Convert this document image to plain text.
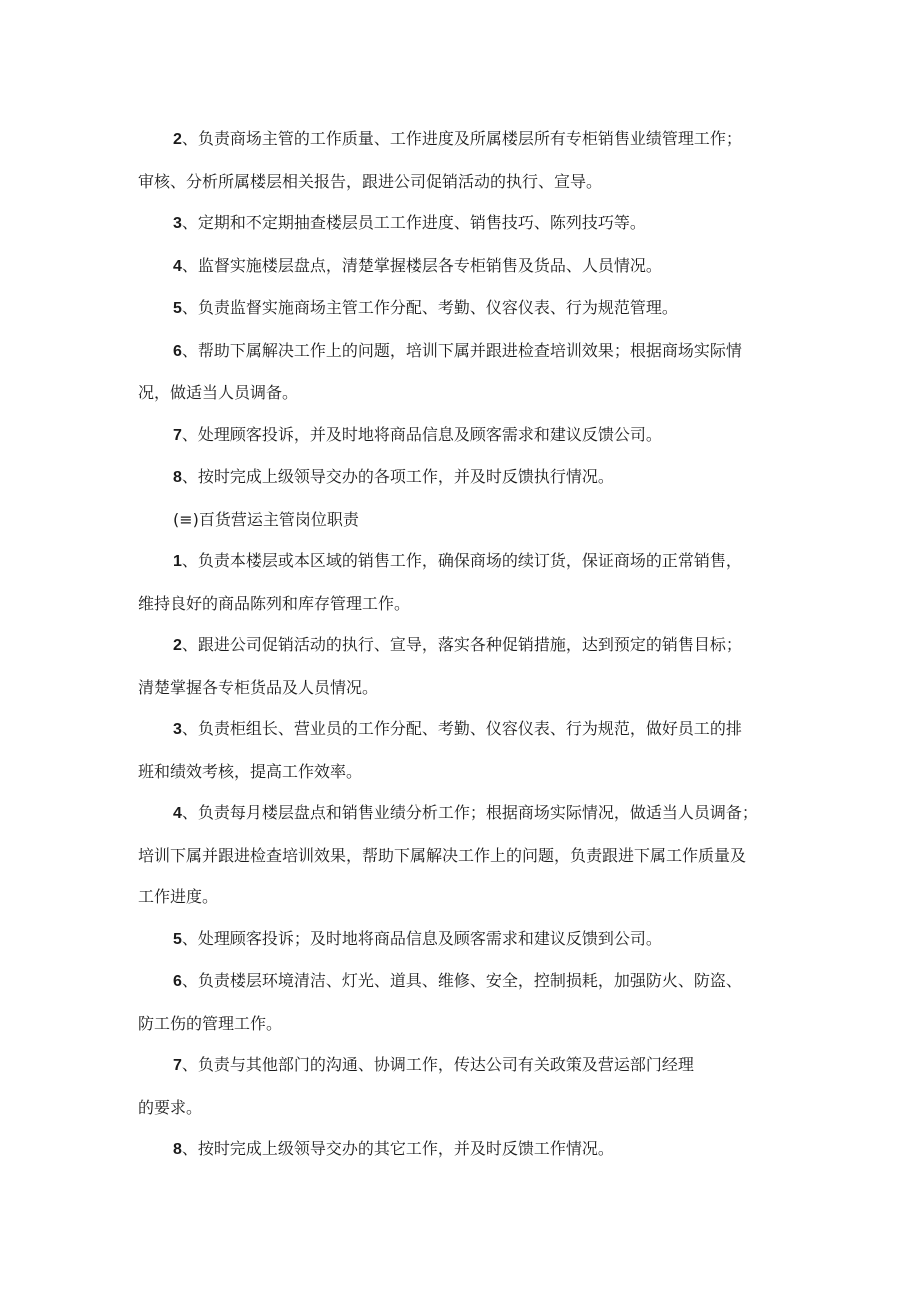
2、负责商场主管的工作质量、工作进度及所属楼层所有专柜销售业绩管理工作；
审核、分析所属楼层相关报告，跟进公司促销活动的执行、宣导。

3、定期和不定期抽查楼层员工工作进度、销售技巧、陈列技巧等。

4、监督实施楼层盘点，清楚掌握楼层各专柜销售及货品、人员情况。

5、负责监督实施商场主管工作分配、考勤、仪容仪表、行为规范管理。

6、帮助下属解决工作上的问题，培训下属并跟进检查培训效果；根据商场实际情
况，做适当人员调备。

7、处理顾客投诉，并及时地将商品信息及顾客需求和建议反馈公司。

8、按时完成上级领导交办的各项工作，并及时反馈执行情况。

(≡)百货营运主管岗位职责

1、负责本楼层或本区域的销售工作，确保商场的续订货，保证商场的正常销售，
维持良好的商品陈列和库存管理工作。

2、跟进公司促销活动的执行、宣导，落实各种促销措施，达到预定的销售目标；
清楚掌握各专柜货品及人员情况。

3、负责柜组长、营业员的工作分配、考勤、仪容仪表、行为规范，做好员工的排
班和绩效考核，提高工作效率。

4、负责每月楼层盘点和销售业绩分析工作；根据商场实际情况，做适当人员调备；
培训下属并跟进检查培训效果，帮助下属解决工作上的问题，负责跟进下属工作质量及
工作进度。

5、处理顾客投诉；及时地将商品信息及顾客需求和建议反馈到公司。

6、负责楼层环境清洁、灯光、道具、维修、安全，控制损耗，加强防火、防盗、
防工伤的管理工作。

7、负责与其他部门的沟通、协调工作，传达公司有关政策及营运部门经理
的要求。

8、按时完成上级领导交办的其它工作，并及时反馈工作情况。
